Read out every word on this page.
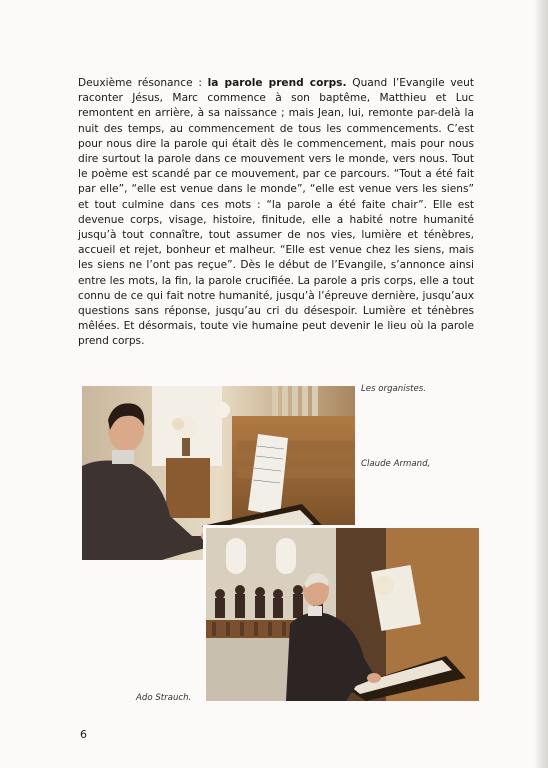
Deuxième résonance : la parole prend corps. Quand l’Evangile veut raconter Jésus, Marc commence à son baptême, Matthieu et Luc remontent en arrière, à sa naissance ; mais Jean, lui, remonte par-delà la nuit des temps, au commencement de tous les commencements. C’est pour nous dire la parole qui était dès le commencement, mais pour nous dire surtout la parole dans ce mouvement vers le monde, vers nous. Tout le poème est scandé par ce mouvement, par ce parcours. “Tout a été fait par elle”, “elle est venue dans le monde”, “elle est venue vers les siens” et tout culmine dans ces mots : “la parole a été faite chair”. Elle est devenue corps, visage, histoire, finitude, elle a habité notre humanité jusqu’à tout connaître, tout assumer de nos vies, lumière et ténèbres, accueil et rejet, bonheur et malheur. “Elle est venue chez les siens, mais les siens ne l’ont pas reçue”. Dès le début de l’Evangile, s’annonce ainsi entre les mots, la fin, la parole crucifiée. La parole a pris corps, elle a tout connu de ce qui fait notre humanité, jusqu’à l’épreuve dernière, jusqu’aux questions sans réponse, jusqu’au cri du désespoir. Lumière et ténèbres mêlées. Et désormais, toute vie humaine peut devenir le lieu où la parole prend corps.
Les organistes.
Claude Armand,
Ado Strauch.
6
